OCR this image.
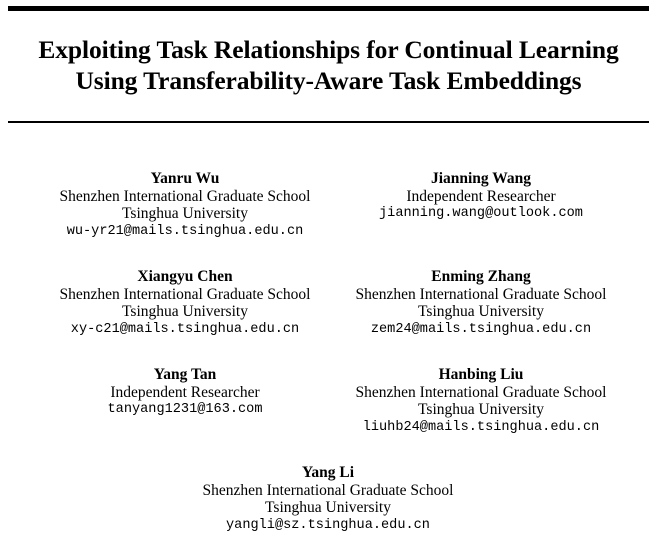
Exploiting Task Relationships for Continual Learning
Using Transferability-Aware Task Embeddings
Yanru Wu
Shenzhen International Graduate School
Tsinghua University
wu-yr21@mails.tsinghua.edu.cn
Jianning Wang
Independent Researcher
jianning.wang@outlook.com
Xiangyu Chen
Shenzhen International Graduate School
Tsinghua University
xy-c21@mails.tsinghua.edu.cn
Enming Zhang
Shenzhen International Graduate School
Tsinghua University
zem24@mails.tsinghua.edu.cn
Yang Tan
Independent Researcher
tanyang1231@163.com
Hanbing Liu
Shenzhen International Graduate School
Tsinghua University
liuhb24@mails.tsinghua.edu.cn
Yang Li
Shenzhen International Graduate School
Tsinghua University
yangli@sz.tsinghua.edu.cn
